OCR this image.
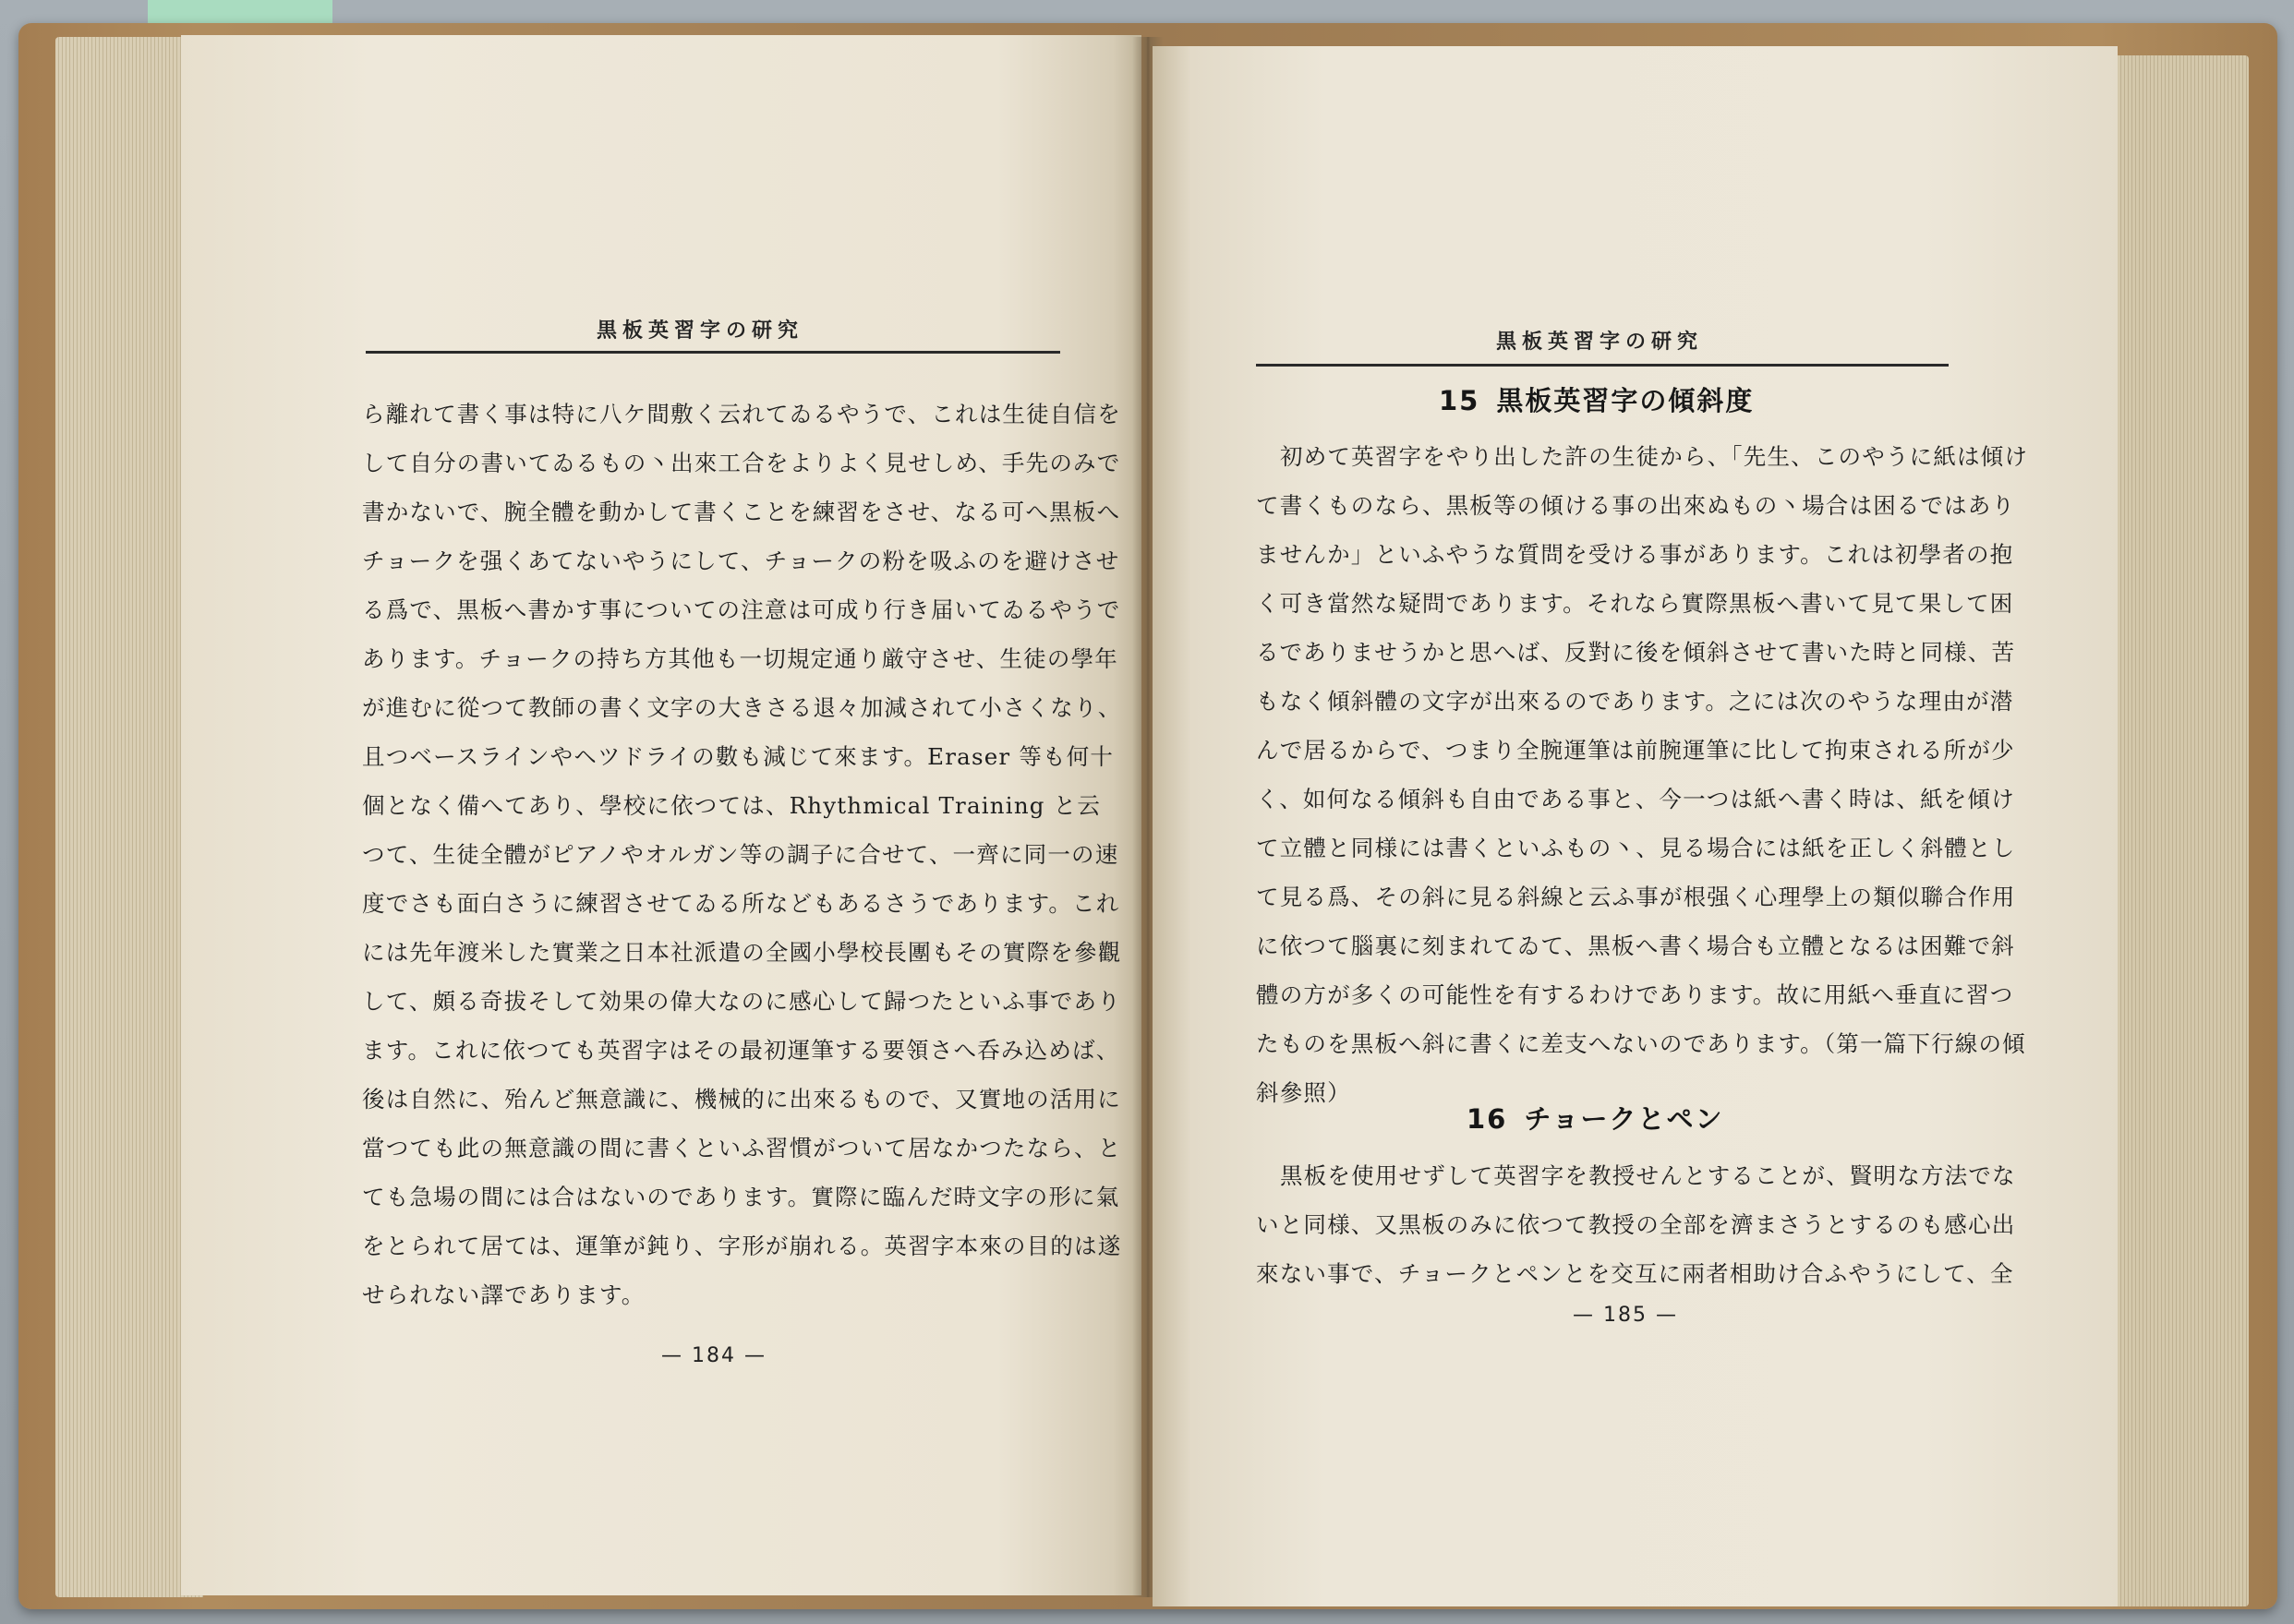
黒板英習字の研究
ら離れて書く事は特に八ケ間敷く云れてゐるやうで、これは生徒自信を
して自分の書いてゐるもの丶出來工合をよりよく見せしめ、手先のみで
書かないで、腕全體を動かして書くことを練習をさせ、なる可へ黒板へ
チョークを强くあてないやうにして、チョークの粉を吸ふのを避けさせ
る爲で、黒板へ書かす事についての注意は可成り行き届いてゐるやうで
あります。チョークの持ち方其他も一切規定通り厳守させ、生徒の學年
が進むに從つて教師の書く文字の大きさる退々加減されて小さくなり、
且つベースラインやヘツドライの數も減じて來ます。Eraser 等も何十
個となく備へてあり、學校に依つては、Rhythmical Training と云
つて、生徒全體がピアノやオルガン等の調子に合せて、一齊に同一の速
度でさも面白さうに練習させてゐる所などもあるさうであります。これ
には先年渡米した實業之日本社派遣の全國小學校長團もその實際を參觀
して、頗る奇拔そして効果の偉大なのに感心して歸つたといふ事であり
ます。これに依つても英習字はその最初運筆する要領さへ呑み込めば、
後は自然に、殆んど無意識に、機械的に出來るもので、又實地の活用に
當つても此の無意識の間に書くといふ習慣がついて居なかつたなら、と
ても急場の間には合はないのであります。實際に臨んだ時文字の形に氣
をとられて居ては、運筆が鈍り、字形が崩れる。英習字本來の目的は遂
せられない譯であります。
— 184 —
黒板英習字の研究
15 黒板英習字の傾斜度
初めて英習字をやり出した許の生徒から、「先生、このやうに紙は傾け
て書くものなら、黒板等の傾ける事の出來ぬもの丶場合は困るではあり
ませんか」といふやうな質問を受ける事があります。これは初學者の抱
く可き當然な疑問であります。それなら實際黒板へ書いて見て果して困
るでありませうかと思へば、反對に後を傾斜させて書いた時と同様、苦
もなく傾斜體の文字が出來るのであります。之には次のやうな理由が潜
んで居るからで、つまり全腕運筆は前腕運筆に比して拘束される所が少
く、如何なる傾斜も自由である事と、今一つは紙へ書く時は、紙を傾け
て立體と同様には書くといふもの丶、見る場合には紙を正しく斜體とし
て見る爲、その斜に見る斜線と云ふ事が根强く心理學上の類似聯合作用
に依つて腦裏に刻まれてゐて、黒板へ書く場合も立體となるは困難で斜
體の方が多くの可能性を有するわけであります。故に用紙へ垂直に習つ
たものを黒板へ斜に書くに差支へないのであります。（第一篇下行線の傾
斜參照）
16 チョークとペン
黒板を使用せずして英習字を教授せんとすることが、賢明な方法でな
いと同様、又黒板のみに依つて教授の全部を濟まさうとするのも感心出
來ない事で、チョークとペンとを交互に兩者相助け合ふやうにして、全
— 185 —
